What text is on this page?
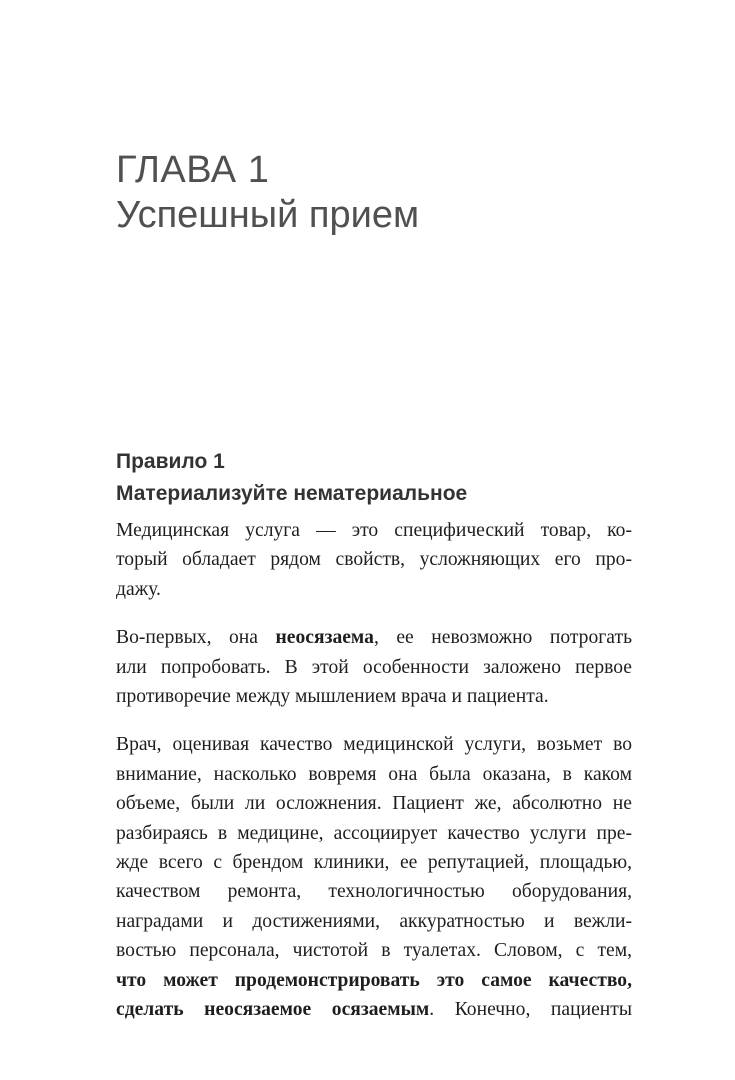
ГЛАВА 1
Успешный прием
Правило 1
Материализуйте нематериальное

Медицинская услуга — это специфический товар, ко-
торый обладает рядом свойств, усложняющих его про-
дажу.

Во-первых, она неосязаема, ее невозможно потрогать
или попробовать. В этой особенности заложено первое
противоречие между мышлением врача и пациента.

Врач, оценивая качество медицинской услуги, возьмет во
внимание, насколько вовремя она была оказана, в каком
объеме, были ли осложнения. Пациент же, абсолютно не
разбираясь в медицине, ассоциирует качество услуги пре-
жде всего с брендом клиники, ее репутацией, площадью,
качеством ремонта, технологичностью оборудования,
наградами и достижениями, аккуратностью и вежли-
востью персонала, чистотой в туалетах. Словом, с тем,
что может продемонстрировать это самое качество,
сделать неосязаемое осязаемым. Конечно, пациенты
